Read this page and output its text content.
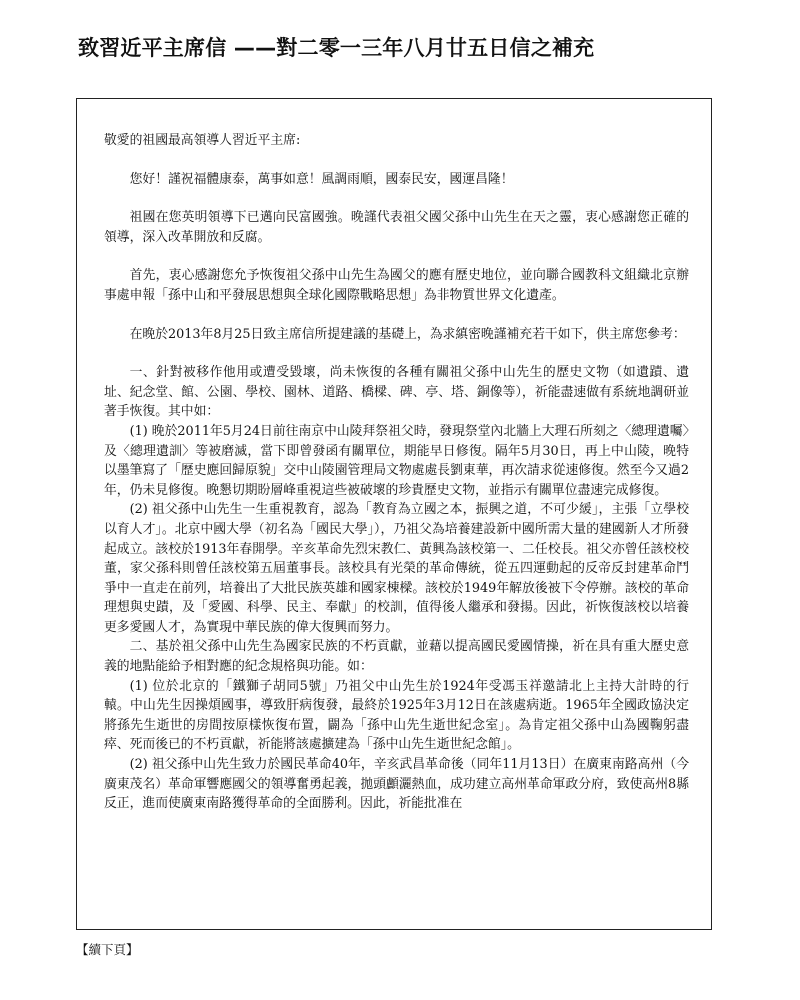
致習近平主席信 ——對二零一三年八月廿五日信之補充

敬愛的祖國最高領導人習近平主席:

您好！謹祝福體康泰，萬事如意！風調雨順，國泰民安，國運昌隆！

祖國在您英明領導下已邁向民富國強。晚謹代表祖父國父孫中山先生在天之靈，衷心感謝您正確的領導，深入改革開放和反腐。

首先，衷心感謝您允予恢復祖父孫中山先生為國父的應有歷史地位，並向聯合國教科文組織北京辦事處申報「孫中山和平發展思想與全球化國際戰略思想」為非物質世界文化遺產。

在晚於2013年8月25日致主席信所提建議的基礎上，為求縝密晚謹補充若干如下，供主席您參考：

一、針對被移作他用或遭受毀壞，尚未恢復的各種有關祖父孫中山先生的歷史文物（如遺蹟、遺址、紀念堂、館、公園、學校、園林、道路、橋樑、碑、亭、塔、銅像等），祈能盡速做有系統地調研並著手恢復。其中如：

(1) 晚於2011年5月24日前往南京中山陵拜祭祖父時，發現祭堂內北牆上大理石所刻之〈總理遺囑〉及〈總理遺訓〉等被磨滅，當下即曾發函有關單位，期能早日修復。隔年5月30日，再上中山陵，晚特以墨筆寫了「歷史應回歸原貌」交中山陵園管理局文物處處長劉東華，再次請求從速修復。然至今又過2年，仍未見修復。晚懇切期盼層峰重視這些被破壞的珍貴歷史文物，並指示有關單位盡速完成修復。

(2) 祖父孫中山先生一生重視教育，認為「教育為立國之本，振興之道，不可少緩」，主張「立學校以育人才」。北京中國大學（初名為「國民大學」），乃祖父為培養建設新中國所需大量的建國新人才所發起成立。該校於1913年春開學。辛亥革命先烈宋教仁、黃興為該校第一、二任校長。祖父亦曾任該校校董，家父孫科則曾任該校第五屆董事長。該校具有光榮的革命傳統，從五四運動起的反帝反封建革命鬥爭中一直走在前列，培養出了大批民族英雄和國家棟樑。該校於1949年解放後被下令停辦。該校的革命理想與史蹟，及「愛國、科學、民主、奉獻」的校訓，值得後人繼承和發揚。因此，祈恢復該校以培養更多愛國人才，為實現中華民族的偉大復興而努力。

二、基於祖父孫中山先生為國家民族的不朽貢獻，並藉以提高國民愛國情操，祈在具有重大歷史意義的地點能給予相對應的紀念規格與功能。如：

(1) 位於北京的「鐵獅子胡同5號」乃祖父中山先生於1924年受馮玉祥邀請北上主持大計時的行轅。中山先生因操煩國事，導致肝病復發，最終於1925年3月12日在該處病逝。1965年全國政協決定將孫先生逝世的房間按原樣恢復布置，闢為「孫中山先生逝世紀念室」。為肯定祖父孫中山為國鞠躬盡瘁、死而後已的不朽貢獻，祈能將該處擴建為「孫中山先生逝世紀念館」。

(2) 祖父孫中山先生致力於國民革命40年，辛亥武昌革命後（同年11月13日）在廣東南路高州（今廣東茂名）革命軍響應國父的領導奮勇起義，拋頭顱灑熱血，成功建立高州革命軍政分府，致使高州8縣反正，進而使廣東南路獲得革命的全面勝利。因此，祈能批准在

【續下頁】
